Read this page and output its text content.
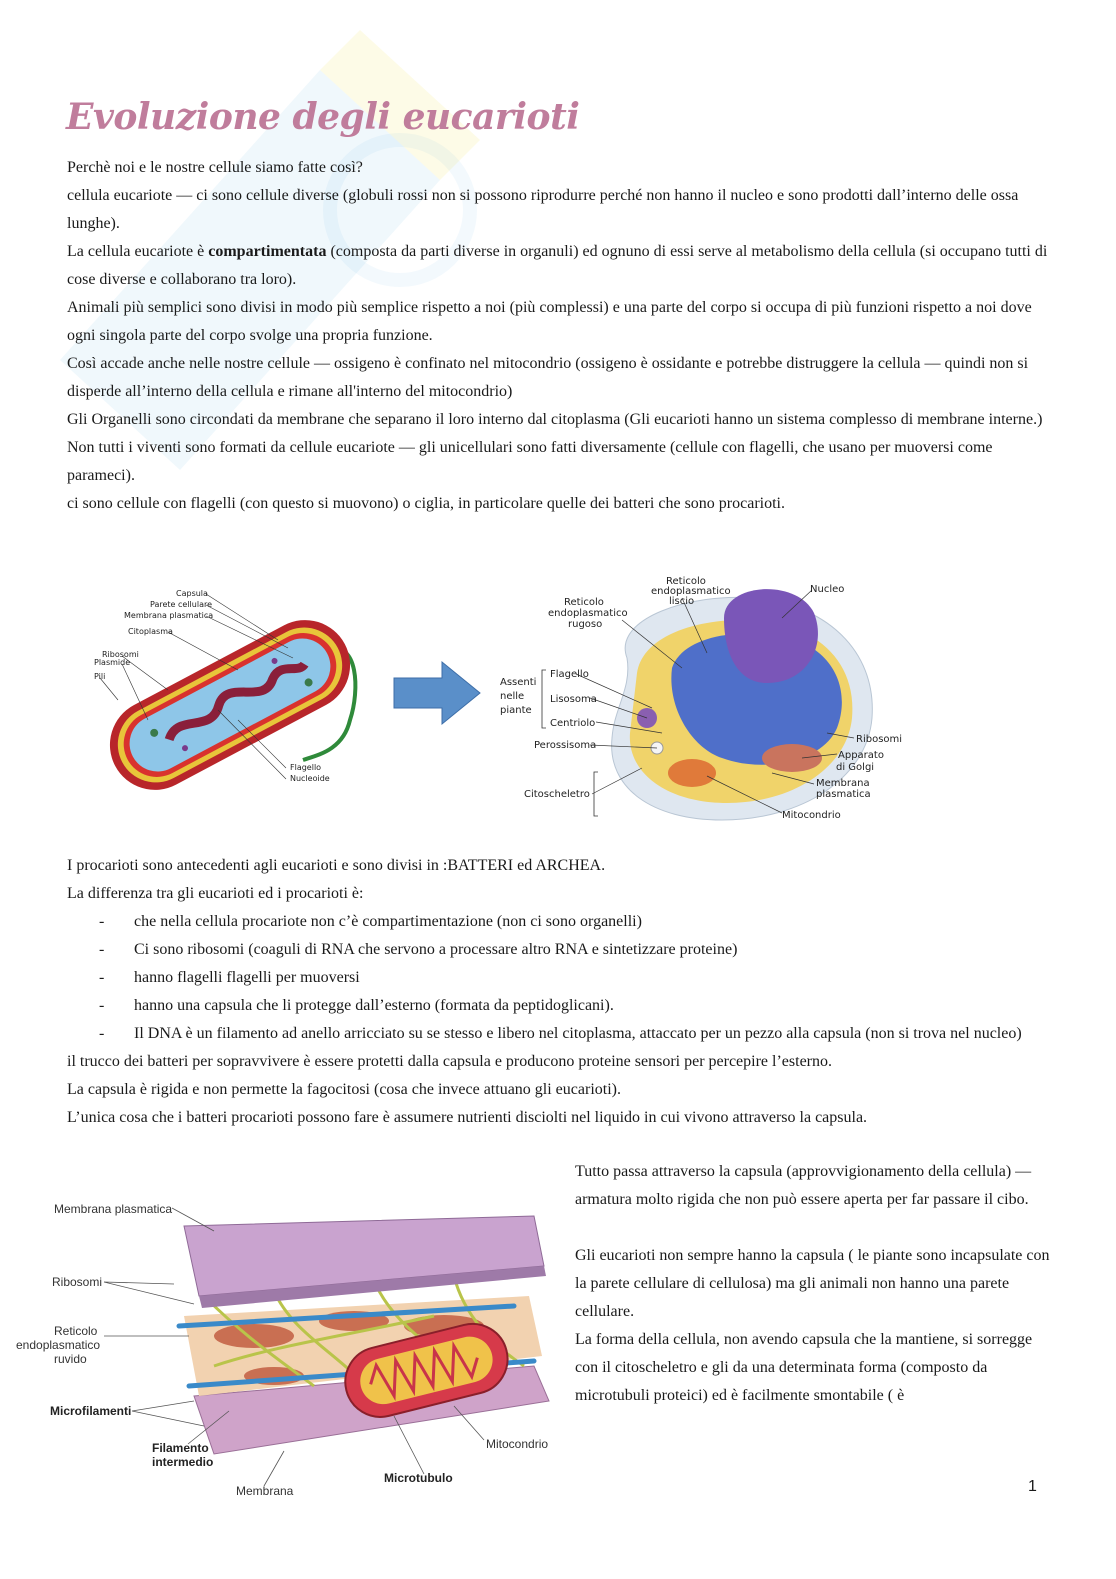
Evoluzione degli eucarioti

Perchè noi e le nostre cellule siamo fatte così?

cellula eucariote — ci sono cellule diverse (globuli rossi non si possono riprodurre perché non hanno il nucleo e sono prodotti dall’interno delle ossa lunghe).

La cellula eucariote è compartimentata (composta da parti diverse in organuli) ed ognuno di essi serve al metabolismo della cellula (si occupano tutti di cose diverse e collaborano tra loro).

Animali più semplici sono divisi in modo più semplice rispetto a noi (più complessi) e una parte del corpo si occupa di più funzioni rispetto a noi dove ogni singola parte del corpo svolge una propria funzione.

Così accade anche nelle nostre cellule — ossigeno è confinato nel mitocondrio (ossigeno è ossidante e potrebbe distruggere la cellula — quindi non si disperde all’interno della cellula e rimane all'interno del mitocondrio)

Gli Organelli sono circondati da membrane che separano il loro interno dal citoplasma (Gli eucarioti hanno un sistema complesso di membrane interne.)

Non tutti i viventi sono formati da cellule eucariote — gli unicellulari sono fatti diversamente (cellule con flagelli, che usano per muoversi come parameci).

ci sono cellule con flagelli (con questo si muovono) o ciglia, in particolare quelle dei batteri che sono procarioti.

Capsula
Parete cellulare
Membrana plasmatica
Citoplasma
Ribosomi
Plasmide
Pili
Flagello
Nucleoide
Reticolo
endoplasmatico
liscio
Nucleo
Reticolo
endoplasmatico
rugoso
Assenti
nelle
piante
Flagello
Lisosoma
Centriolo
Perossisoma
Citoscheletro
Ribosomi
Apparato
di Golgi
Membrana
plasmatica
Mitocondrio

I procarioti sono antecedenti agli eucarioti e sono divisi in :BATTERI ed ARCHEA.

La differenza tra gli eucarioti ed i procarioti è:

- che nella cellula procariote non c’è compartimentazione (non ci sono organelli)
- Ci sono ribosomi (coaguli di RNA che servono a processare altro RNA e sintetizzare proteine)
- hanno flagelli flagelli per muoversi
- hanno una capsula che li protegge dall’esterno (formata da peptidoglicani).
- Il DNA è un filamento ad anello arricciato su se stesso e libero nel citoplasma, attaccato per un pezzo alla capsula (non si trova nel nucleo)

il trucco dei batteri per sopravvivere è essere protetti dalla capsula e producono proteine sensori per percepire l’esterno.

La capsula è rigida e non permette la fagocitosi (cosa che invece attuano gli eucarioti).

L’unica cosa che i batteri procarioti possono fare è assumere nutrienti disciolti nel liquido in cui vivono attraverso la capsula.

Membrana plasmatica
Ribosomi
Reticolo
endoplasmatico
ruvido
Microfilamenti
Filamento
intermedio
Membrana
Microtubulo
Mitocondrio

Tutto passa attraverso la capsula (approvvigionamento della cellula) — armatura molto rigida che non può essere aperta per far passare il cibo.

Gli eucarioti non sempre hanno la capsula ( le piante sono incapsulate con la parete cellulare di cellulosa) ma gli animali non hanno una parete cellulare.

La forma della cellula, non avendo capsula che la mantiene, si sorregge con il citoscheletro e gli da una determinata forma (composto da microtubuli proteici) ed è facilmente smontabile ( è

1
